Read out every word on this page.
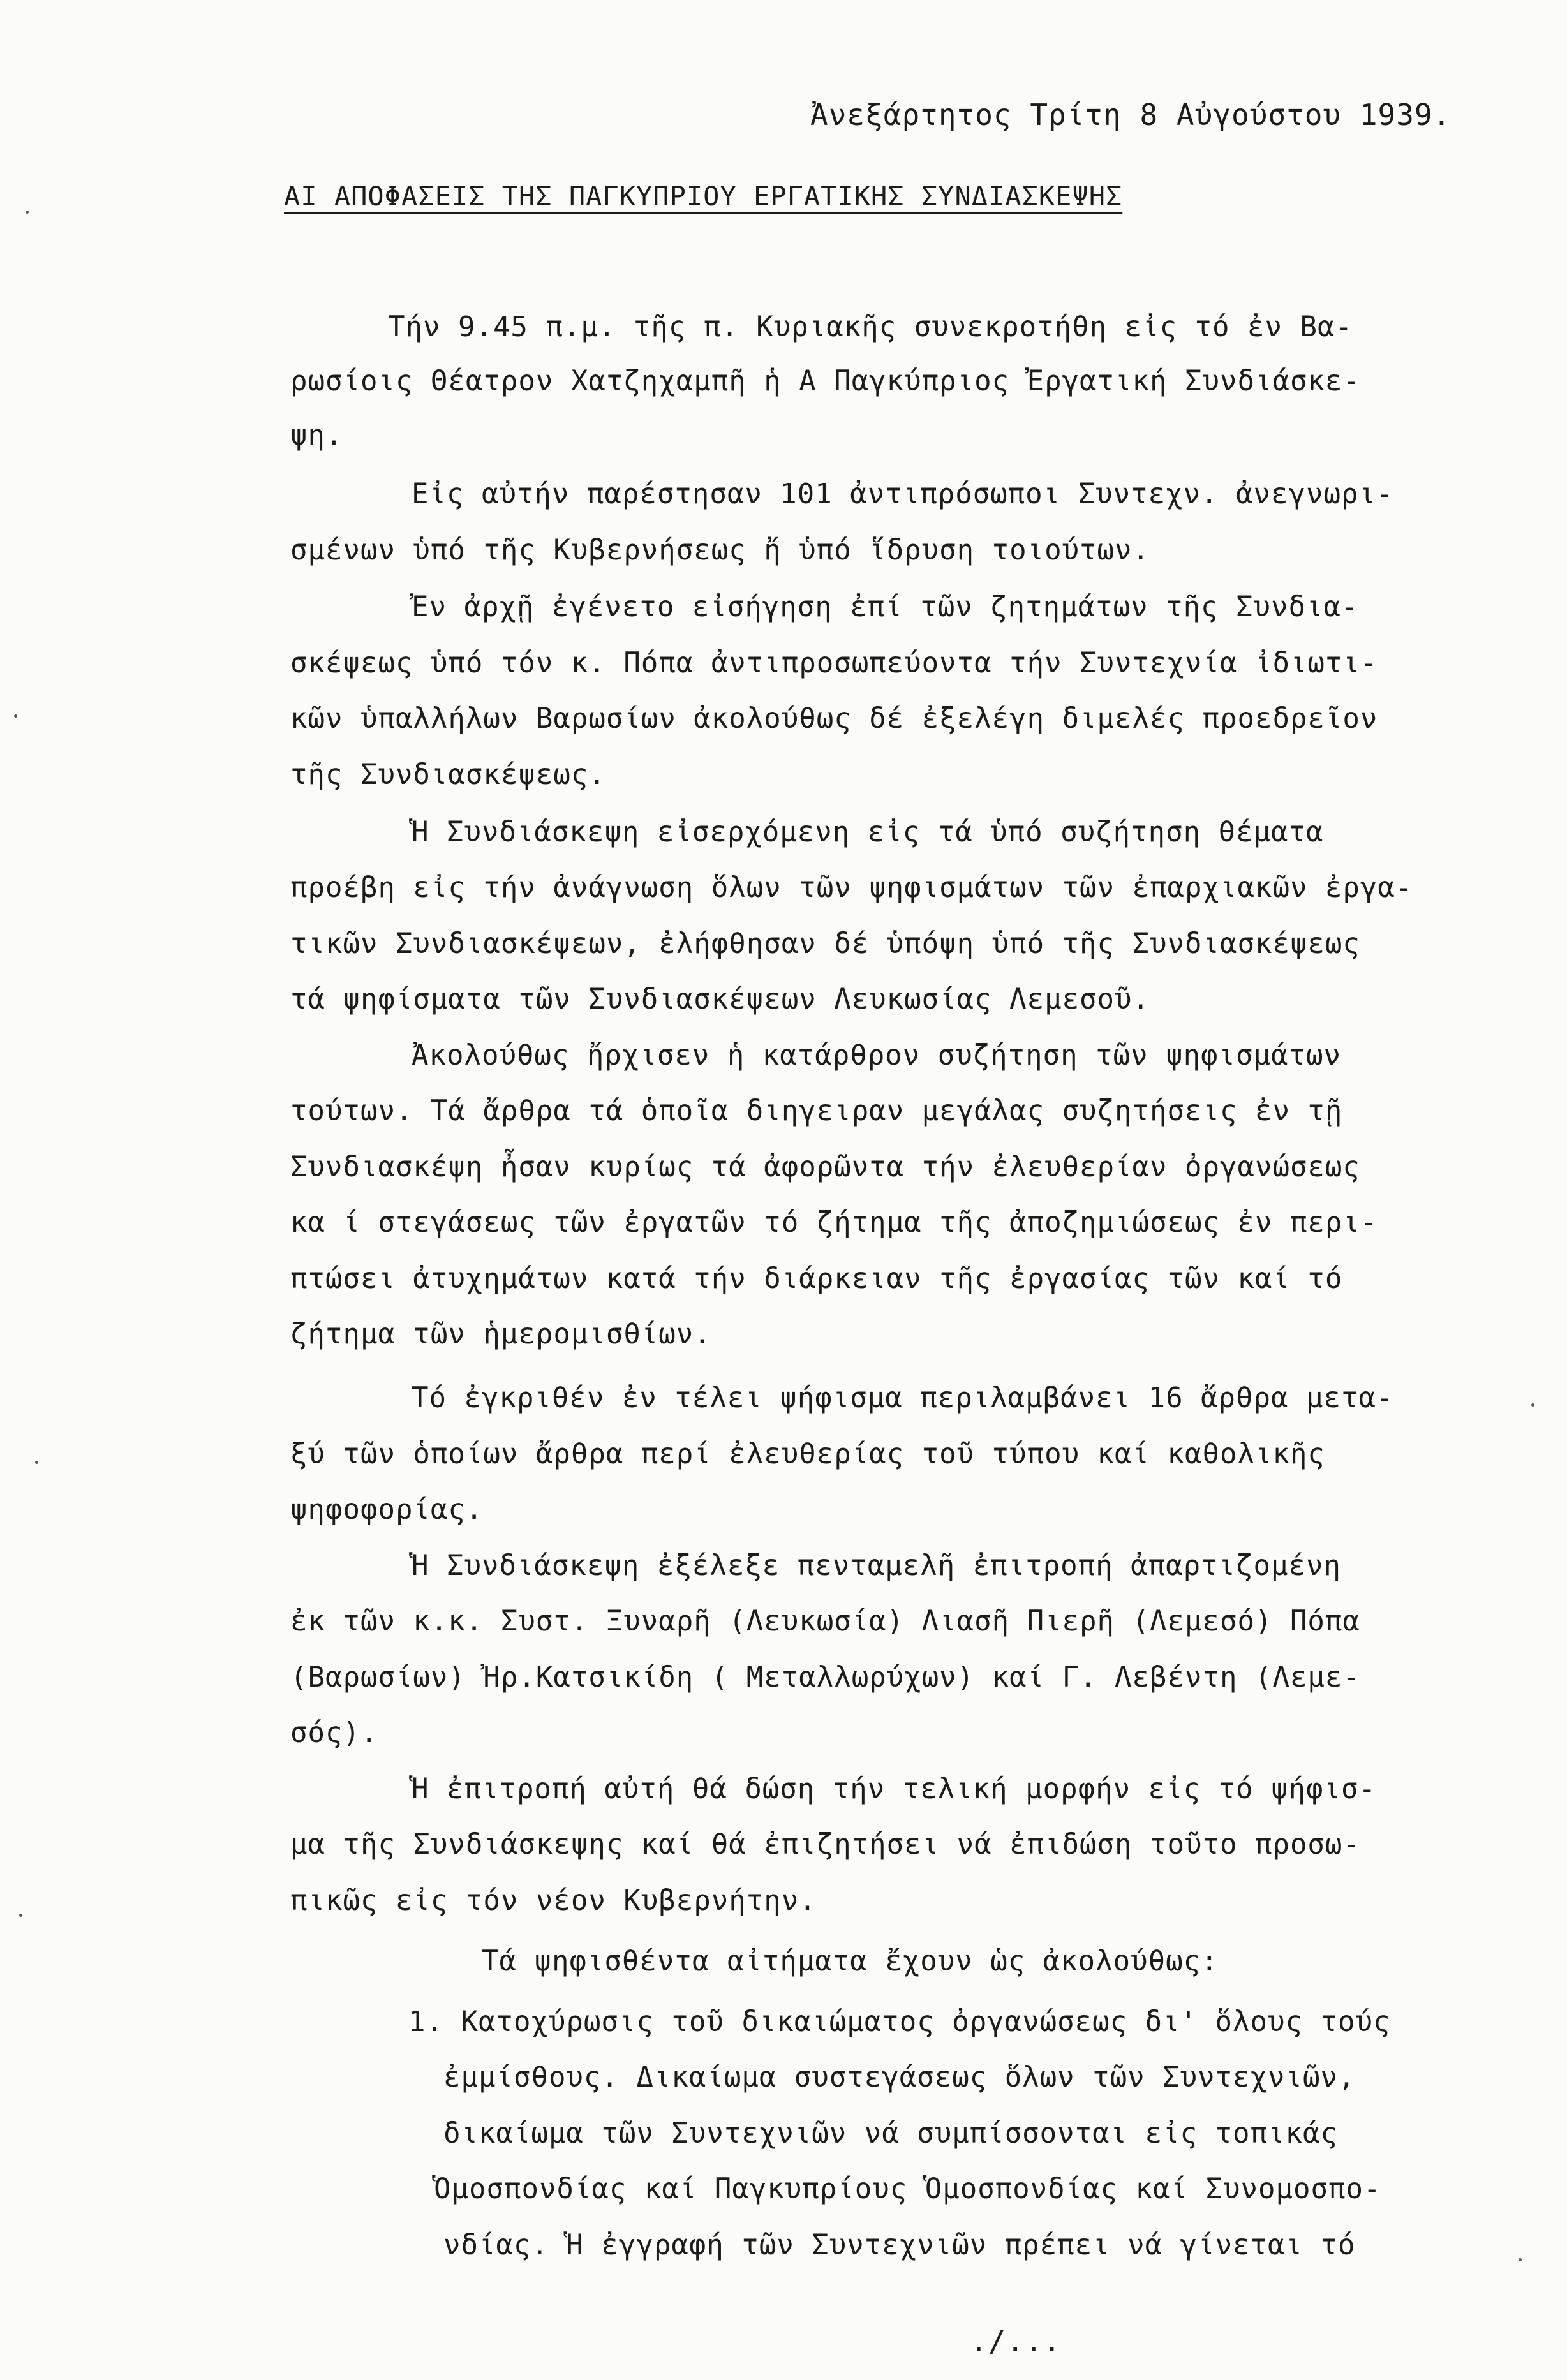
Ἀνεξάρτητος Τρίτη 8 Αὐγούστου 1939.
ΑΙ ΑΠΟΦΑΣΕΙΣ ΤΗΣ ΠΑΓΚΥΠΡΙΟΥ ΕΡΓΑΤΙΚΗΣ ΣΥΝΔΙΑΣΚΕΨΗΣ
Τήν 9.45 π.μ. τῆς π. Κυριακῆς συνεκροτήθη εἰς τό ἐν Βα-
ρωσίοις Θέατρον Χατζηχαμπῆ ἡ Α Παγκύπριος Ἐργατική Συνδιάσκε-
ψη.
Εἰς αὐτήν παρέστησαν 101 ἀντιπρόσωποι Συντεχν. ἀνεγνωρι-
σμένων ὑπό τῆς Κυβερνήσεως ἤ ὑπό ἵδρυση τοιούτων.
Ἐν ἀρχῇ ἐγένετο εἰσήγηση ἐπί τῶν ζητημάτων τῆς Συνδια-
σκέψεως ὑπό τόν κ. Πόπα ἀντιπροσωπεύοντα τήν Συντεχνία ἰδιωτι-
κῶν ὑπαλλήλων Βαρωσίων ἀκολούθως δέ ἐξελέγη διμελές προεδρεῖον
τῆς Συνδιασκέψεως.
Ἡ Συνδιάσκεψη εἰσερχόμενη εἰς τά ὑπό συζήτηση θέματα
προέβη εἰς τήν ἀνάγνωση ὅλων τῶν ψηφισμάτων τῶν ἐπαρχιακῶν ἐργα-
τικῶν Συνδιασκέψεων, ἐλήφθησαν δέ ὑπόψη ὑπό τῆς Συνδιασκέψεως
τά ψηφίσματα τῶν Συνδιασκέψεων Λευκωσίας Λεμεσοῦ.
Ἀκολούθως ἤρχισεν ἡ κατάρθρον συζήτηση τῶν ψηφισμάτων
τούτων. Τά ἄρθρα τά ὁποῖα διηγειραν μεγάλας συζητήσεις ἐν τῇ
Συνδιασκέψη ἦσαν κυρίως τά ἀφορῶντα τήν ἐλευθερίαν ὀργανώσεως
κα ί στεγάσεως τῶν ἐργατῶν τό ζήτημα τῆς ἀποζημιώσεως ἐν περι-
πτώσει ἀτυχημάτων κατά τήν διάρκειαν τῆς ἐργασίας τῶν καί τό
ζήτημα τῶν ἡμερομισθίων.
Τό ἐγκριθέν ἐν τέλει ψήφισμα περιλαμβάνει 16 ἄρθρα μετα-
ξύ τῶν ὁποίων ἄρθρα περί ἐλευθερίας τοῦ τύπου καί καθολικῆς
ψηφοφορίας.
Ἡ Συνδιάσκεψη ἐξέλεξε πενταμελῆ ἐπιτροπή ἀπαρτιζομένη
ἐκ τῶν κ.κ. Συστ. Ξυναρῆ (Λευκωσία) Λιασῆ Πιερῆ (Λεμεσό) Πόπα
(Βαρωσίων) Ἠρ.Κατσικίδη ( Μεταλλωρύχων) καί Γ. Λεβέντη (Λεμε-
σός).
Ἡ ἐπιτροπή αὐτή θά δώση τήν τελική μορφήν εἰς τό ψήφισ-
μα τῆς Συνδιάσκεψης καί θά ἐπιζητήσει νά ἐπιδώση τοῦτο προσω-
πικῶς εἰς τόν νέον Κυβερνήτην.
Τά ψηφισθέντα αἰτήματα ἔχουν ὡς ἀκολούθως:
1. Κατοχύρωσις τοῦ δικαιώματος ὀργανώσεως δι' ὅλους τούς
ἐμμίσθους. Δικαίωμα συστεγάσεως ὅλων τῶν Συντεχνιῶν,
δικαίωμα τῶν Συντεχνιῶν νά συμπίσσονται εἰς τοπικάς
Ὁμοσπονδίας καί Παγκυπρίους Ὁμοσπονδίας καί Συνομοσπο-
νδίας. Ἡ ἐγγραφή τῶν Συντεχνιῶν πρέπει νά γίνεται τό
./...
